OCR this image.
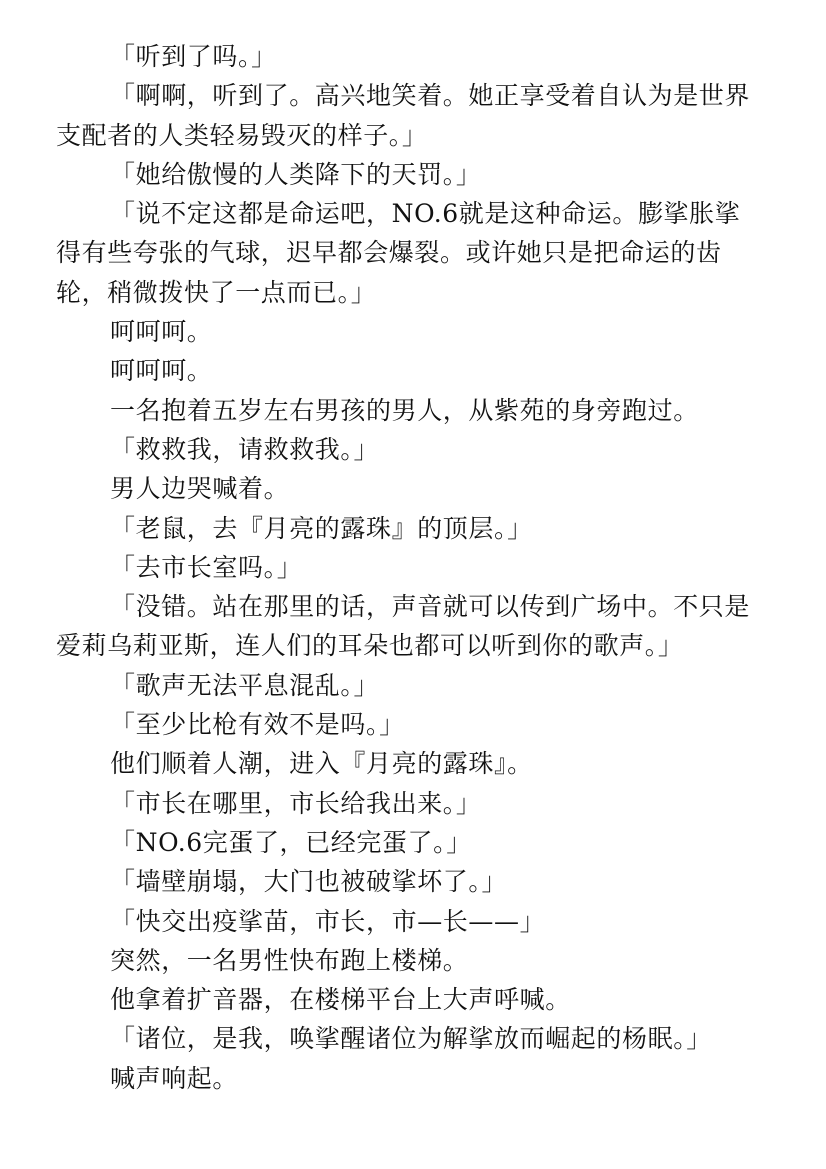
「听到了吗。」

「啊啊，听到了。高兴地笑着。她正享受着自认为是世界支配者的人类轻易毁灭的样子。」

「她给傲慢的人类降下的天罚。」

「说不定这都是命运吧，NO.6就是这种命运。膨​挲胀​挲得有些夸张的气球，迟早都会爆裂。或许她只是把命运的齿轮，稍微拨快了一点而已。」

呵呵呵。

呵呵呵。

一名抱着五岁左右男孩的男人，从紫苑的身旁跑过。

「救救我，请救救我。」

男人边哭喊着。

「老鼠，去『月亮的露珠』的顶层。」

「去市长室吗。」

「没错。站在那里的话，声音就可以传到广场中。不只是爱莉乌莉亚斯，连人们的耳朵也都可以听到你的歌声。」

「歌声无法平息混乱。」

「至少比枪有效不是吗。」

他们顺着人潮，进入『月亮的露珠』。

「市长在哪里，市长给我出来。」

「NO.6完蛋了，已经完蛋了。」

「墙壁崩塌，大门也被破挲坏了。」

「快交出疫挲苗，市长，市—长——」

突然，一名男性快布跑上楼梯。

他拿着扩音器，在楼梯平台上大声呼喊。

「诸位，是我，唤挲醒诸位为解挲放而崛起的杨眠。」

喊声响起。
